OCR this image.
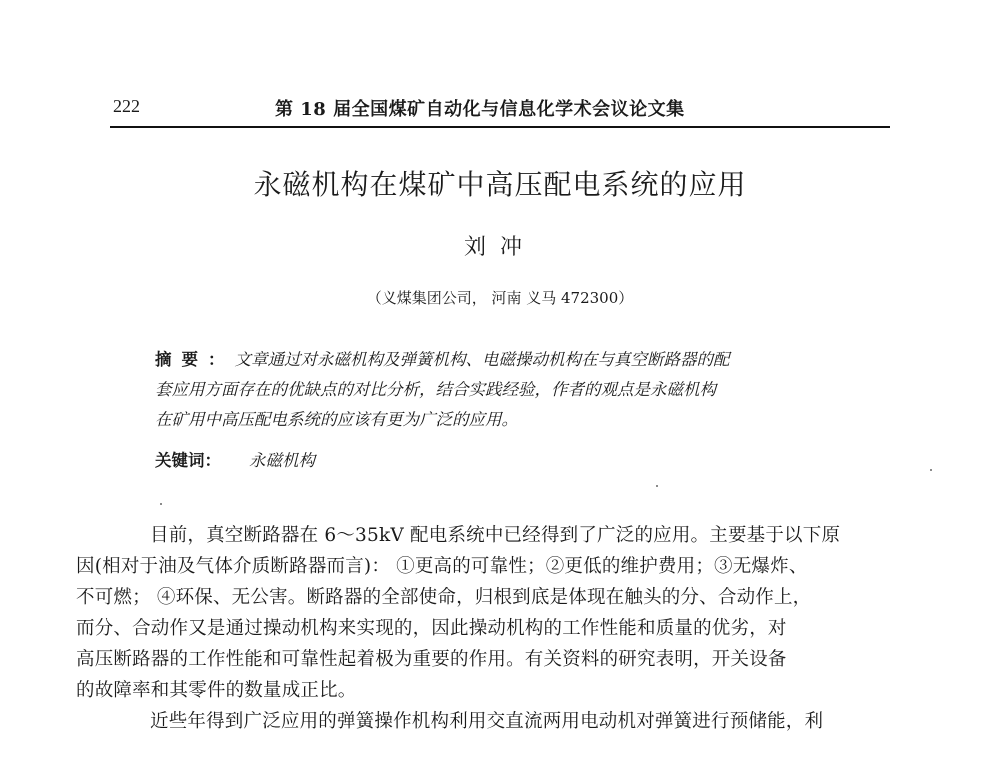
222	第 18 届全国煤矿自动化与信息化学术会议论文集
永磁机构在煤矿中高压配电系统的应用
刘冲
（义煤集团公司， 河南 义马 472300）
摘要：文章通过对永磁机构及弹簧机构、电磁操动机构在与真空断路器的配
套应用方面存在的优缺点的对比分析，结合实践经验，作者的观点是永磁机构
在矿用中高压配电系统的应该有更为广泛的应用。
关键词： 永磁机构

目前，真空断路器在 6～35kV 配电系统中已经得到了广泛的应用。主要基于以下原
因(相对于油及气体介质断路器而言)： ①更高的可靠性；②更低的维护费用；③无爆炸、
不可燃； ④环保、无公害。断路器的全部使命，归根到底是体现在触头的分、合动作上，
而分、合动作又是通过操动机构来实现的，因此操动机构的工作性能和质量的优劣，对
高压断路器的工作性能和可靠性起着极为重要的作用。有关资料的研究表明，开关设备
的故障率和其零件的数量成正比。

近些年得到广泛应用的弹簧操作机构利用交直流两用电动机对弹簧进行预储能，利
